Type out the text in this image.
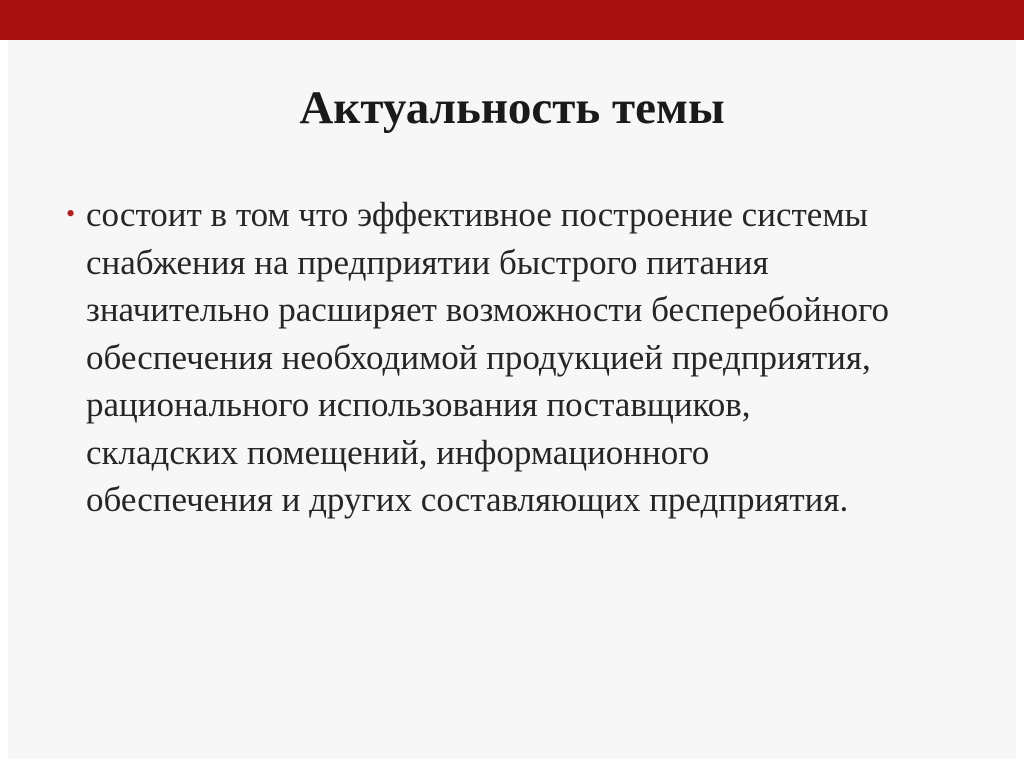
Актуальность темы
• состоит в том что эффективное построение системы снабжения на предприятии быстрого питания значительно расширяет возможности бесперебойного обеспечения необходимой продукцией предприятия, рационального использования поставщиков, складских помещений, информационного обеспечения и других составляющих предприятия.
